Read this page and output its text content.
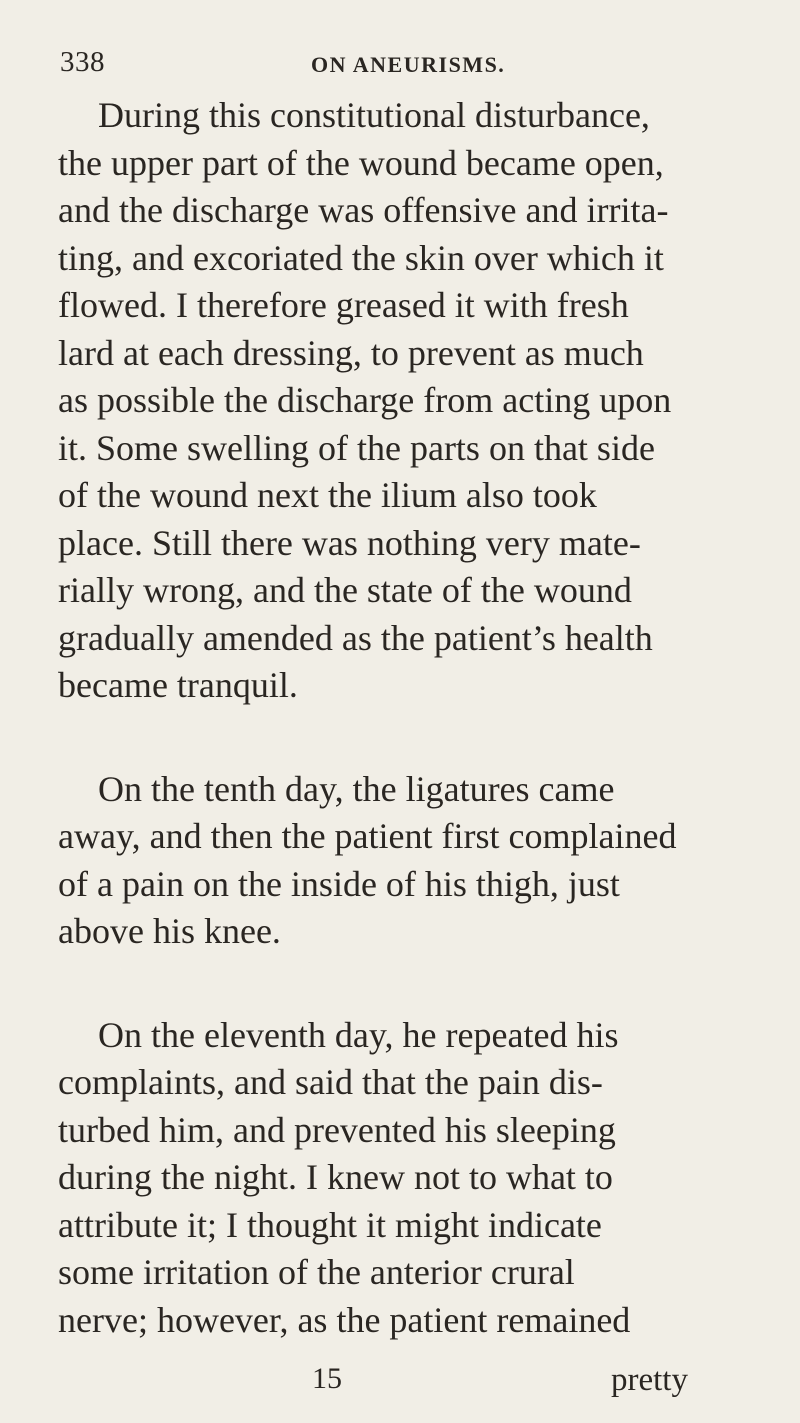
338	ON ANEURISMS.
During this constitutional disturbance,
the upper part of the wound became open,
and the discharge was offensive and irrita-
ting, and excoriated the skin over which it
flowed. I therefore greased it with fresh
lard at each dressing, to prevent as much
as possible the discharge from acting upon
it. Some swelling of the parts on that side
of the wound next the ilium also took
place. Still there was nothing very mate-
rially wrong, and the state of the wound
gradually amended as the patient’s health
became tranquil.
On the tenth day, the ligatures came
away, and then the patient first complained
of a pain on the inside of his thigh, just
above his knee.
On the eleventh day, he repeated his
complaints, and said that the pain dis-
turbed him, and prevented his sleeping
during the night. I knew not to what to
attribute it; I thought it might indicate
some irritation of the anterior crural
nerve; however, as the patient remained
15	pretty
